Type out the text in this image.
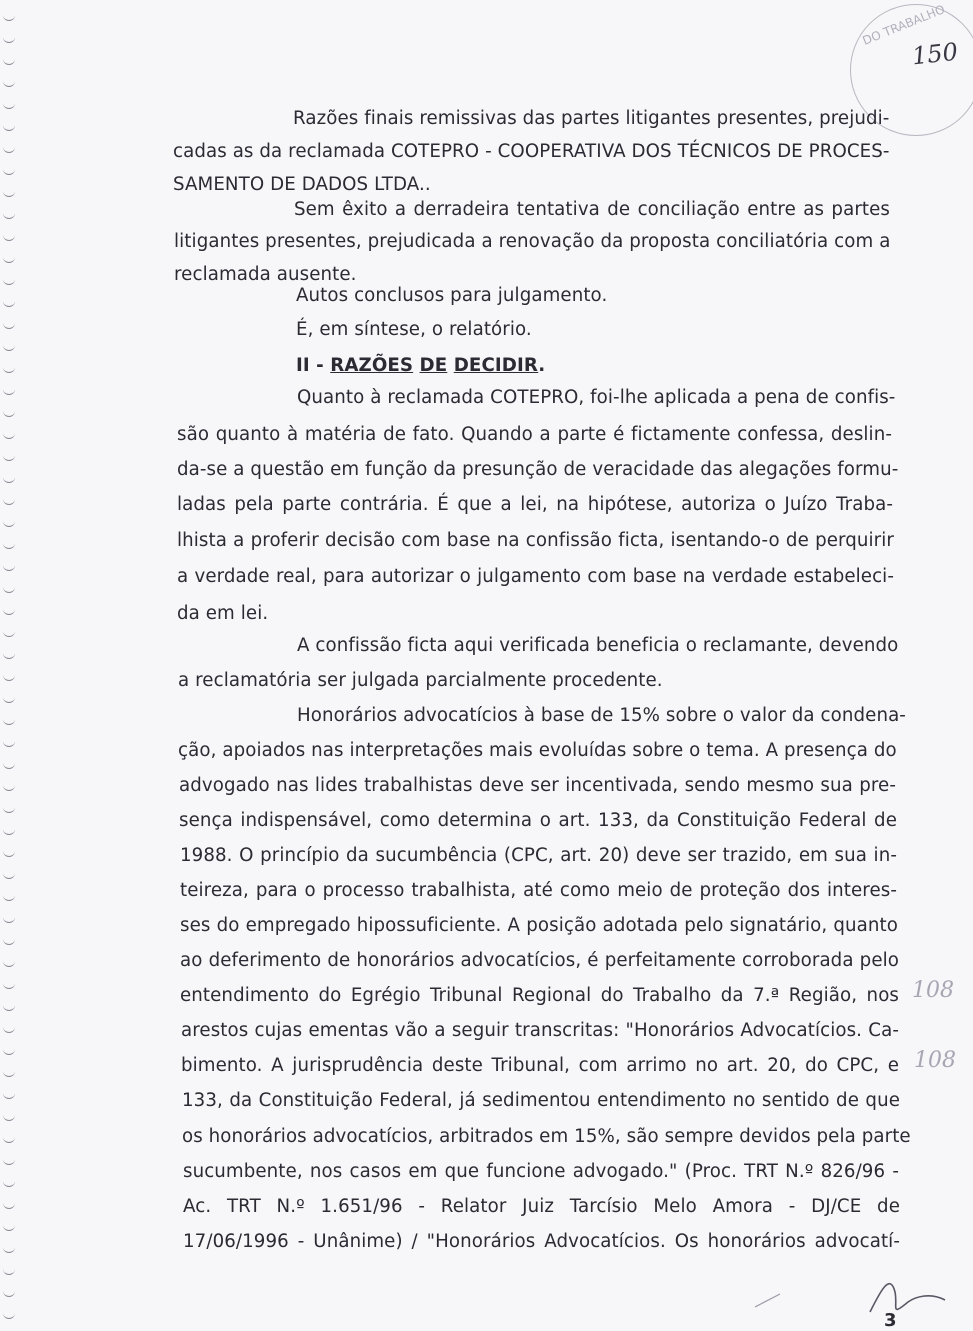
DO TRABALHO
150
Razões finais remissivas das partes litigantes presentes, prejudi-
cadas as da reclamada COTEPRO - COOPERATIVA DOS TÉCNICOS DE PROCES-
SAMENTO DE DADOS LTDA..
Sem êxito a derradeira tentativa de conciliação entre as partes
litigantes presentes, prejudicada a renovação da proposta conciliatória com a
reclamada ausente.
Autos conclusos para julgamento.
É, em síntese, o relatório.
II - RAZÕES DE DECIDIR.
Quanto à reclamada COTEPRO, foi-lhe aplicada a pena de confis-
são quanto à matéria de fato. Quando a parte é fictamente confessa, deslin-
da-se a questão em função da presunção de veracidade das alegações formu-
ladas pela parte contrária. É que a lei, na hipótese, autoriza o Juízo Traba-
lhista a proferir decisão com base na confissão ficta, isentando-o de perquirir
a verdade real, para autorizar o julgamento com base na verdade estabeleci-
da em lei.
A confissão ficta aqui verificada beneficia o reclamante, devendo
a reclamatória ser julgada parcialmente procedente.
Honorários advocatícios à base de 15% sobre o valor da condena-
ção, apoiados nas interpretações mais evoluídas sobre o tema. A presença do
advogado nas lides trabalhistas deve ser incentivada, sendo mesmo sua pre-
sença indispensável, como determina o art. 133, da Constituição Federal de
1988. O princípio da sucumbência (CPC, art. 20) deve ser trazido, em sua in-
teireza, para o processo trabalhista, até como meio de proteção dos interes-
ses do empregado hipossuficiente. A posição adotada pelo signatário, quanto
ao deferimento de honorários advocatícios, é perfeitamente corroborada pelo
entendimento do Egrégio Tribunal Regional do Trabalho da 7.ª Região, nos
arestos cujas ementas vão a seguir transcritas: "Honorários Advocatícios. Ca-
bimento. A jurisprudência deste Tribunal, com arrimo no art. 20, do CPC, e
133, da Constituição Federal, já sedimentou entendimento no sentido de que
os honorários advocatícios, arbitrados em 15%, são sempre devidos pela parte
sucumbente, nos casos em que funcione advogado." (Proc. TRT N.º 826/96 -
Ac. TRT N.º 1.651/96 - Relator Juiz Tarcísio Melo Amora - DJ/CE de
17/06/1996 - Unânime) / "Honorários Advocatícios. Os honorários advocatí-
108
108
3
